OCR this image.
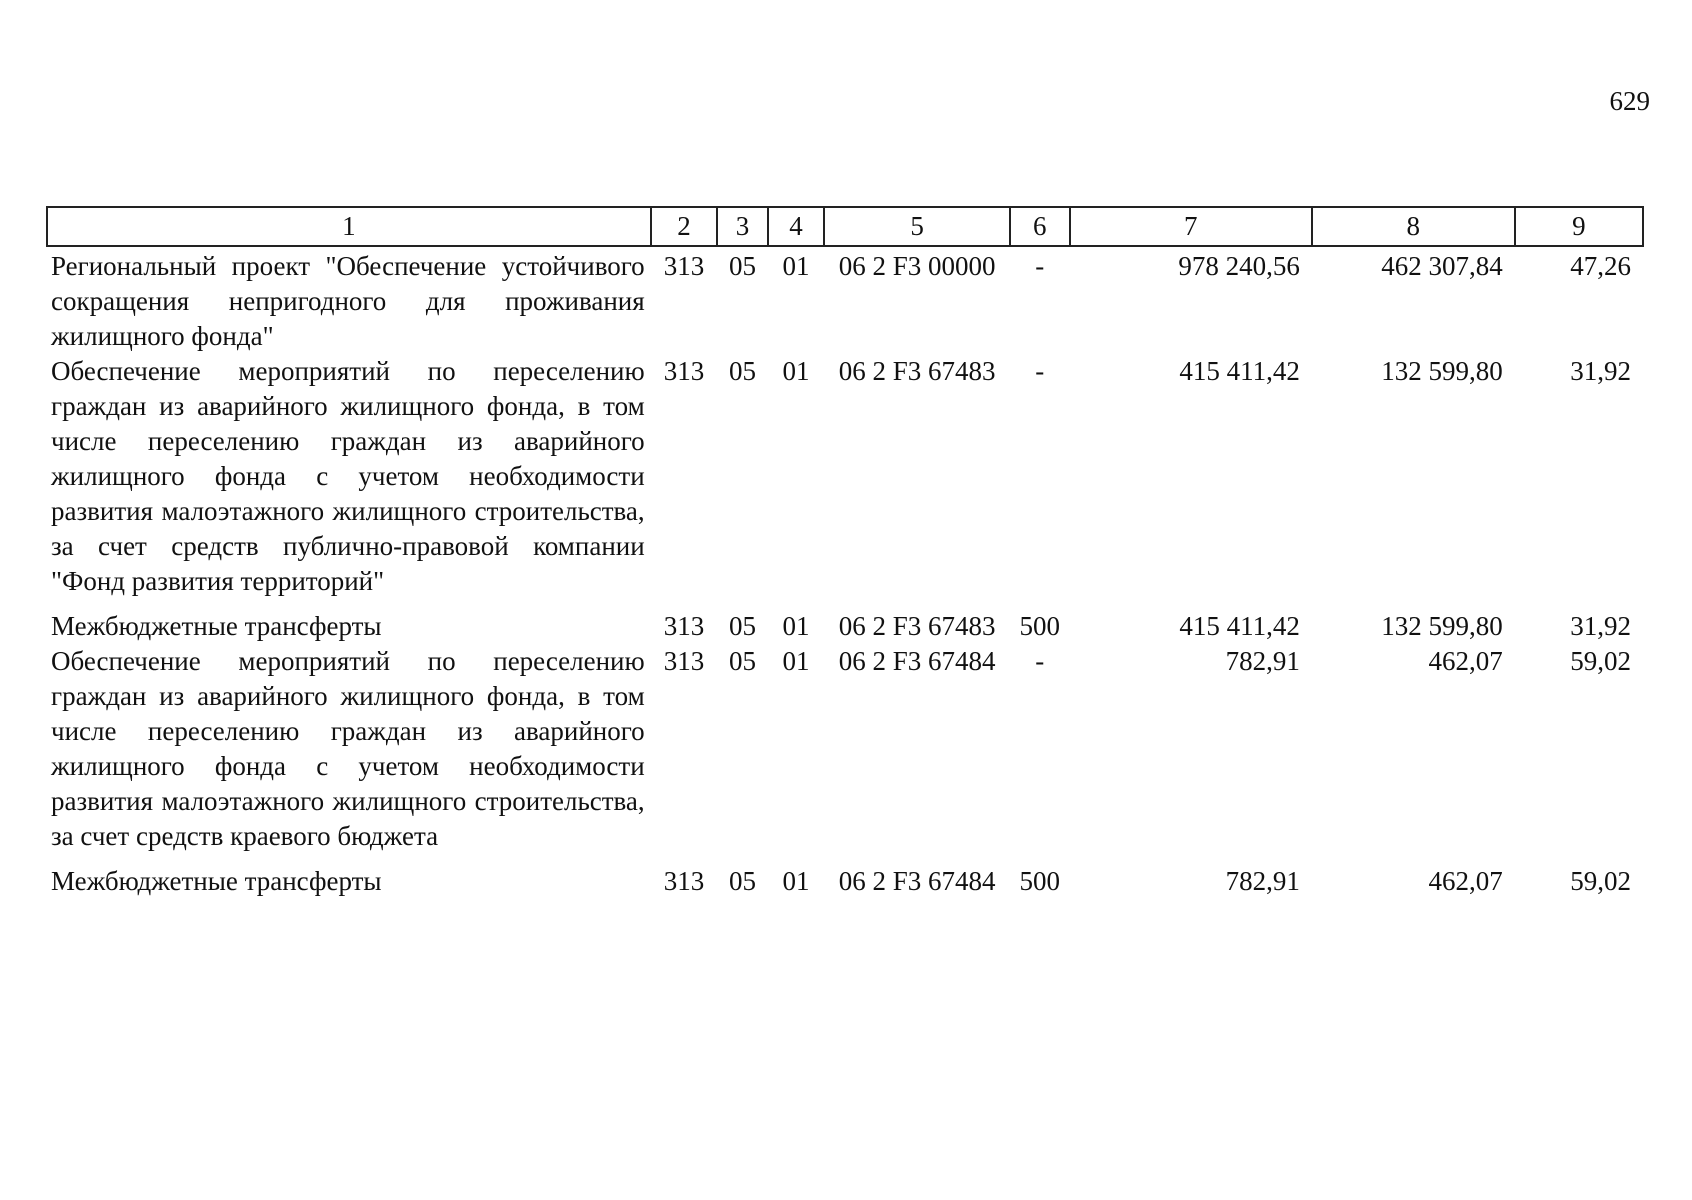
629
1	2	3	4	5	6	7	8	9
Региональный проект "Обеспечение устойчивого сокращения непригодного для проживания жилищного фонда"	313	05	01	06 2 F3 00000	-	978 240,56	462 307,84	47,26
Обеспечение мероприятий по переселению граждан из аварийного жилищного фонда, в том числе переселению граждан из аварийного жилищного фонда с учетом необходимости развития малоэтажного жилищного строительства, за счет средств публично-правовой компании "Фонд развития территорий"	313	05	01	06 2 F3 67483	-	415 411,42	132 599,80	31,92
Межбюджетные трансферты	313	05	01	06 2 F3 67483	500	415 411,42	132 599,80	31,92
Обеспечение мероприятий по переселению граждан из аварийного жилищного фонда, в том числе переселению граждан из аварийного жилищного фонда с учетом необходимости развития малоэтажного жилищного строительства, за счет средств краевого бюджета	313	05	01	06 2 F3 67484	-	782,91	462,07	59,02
Межбюджетные трансферты	313	05	01	06 2 F3 67484	500	782,91	462,07	59,02
